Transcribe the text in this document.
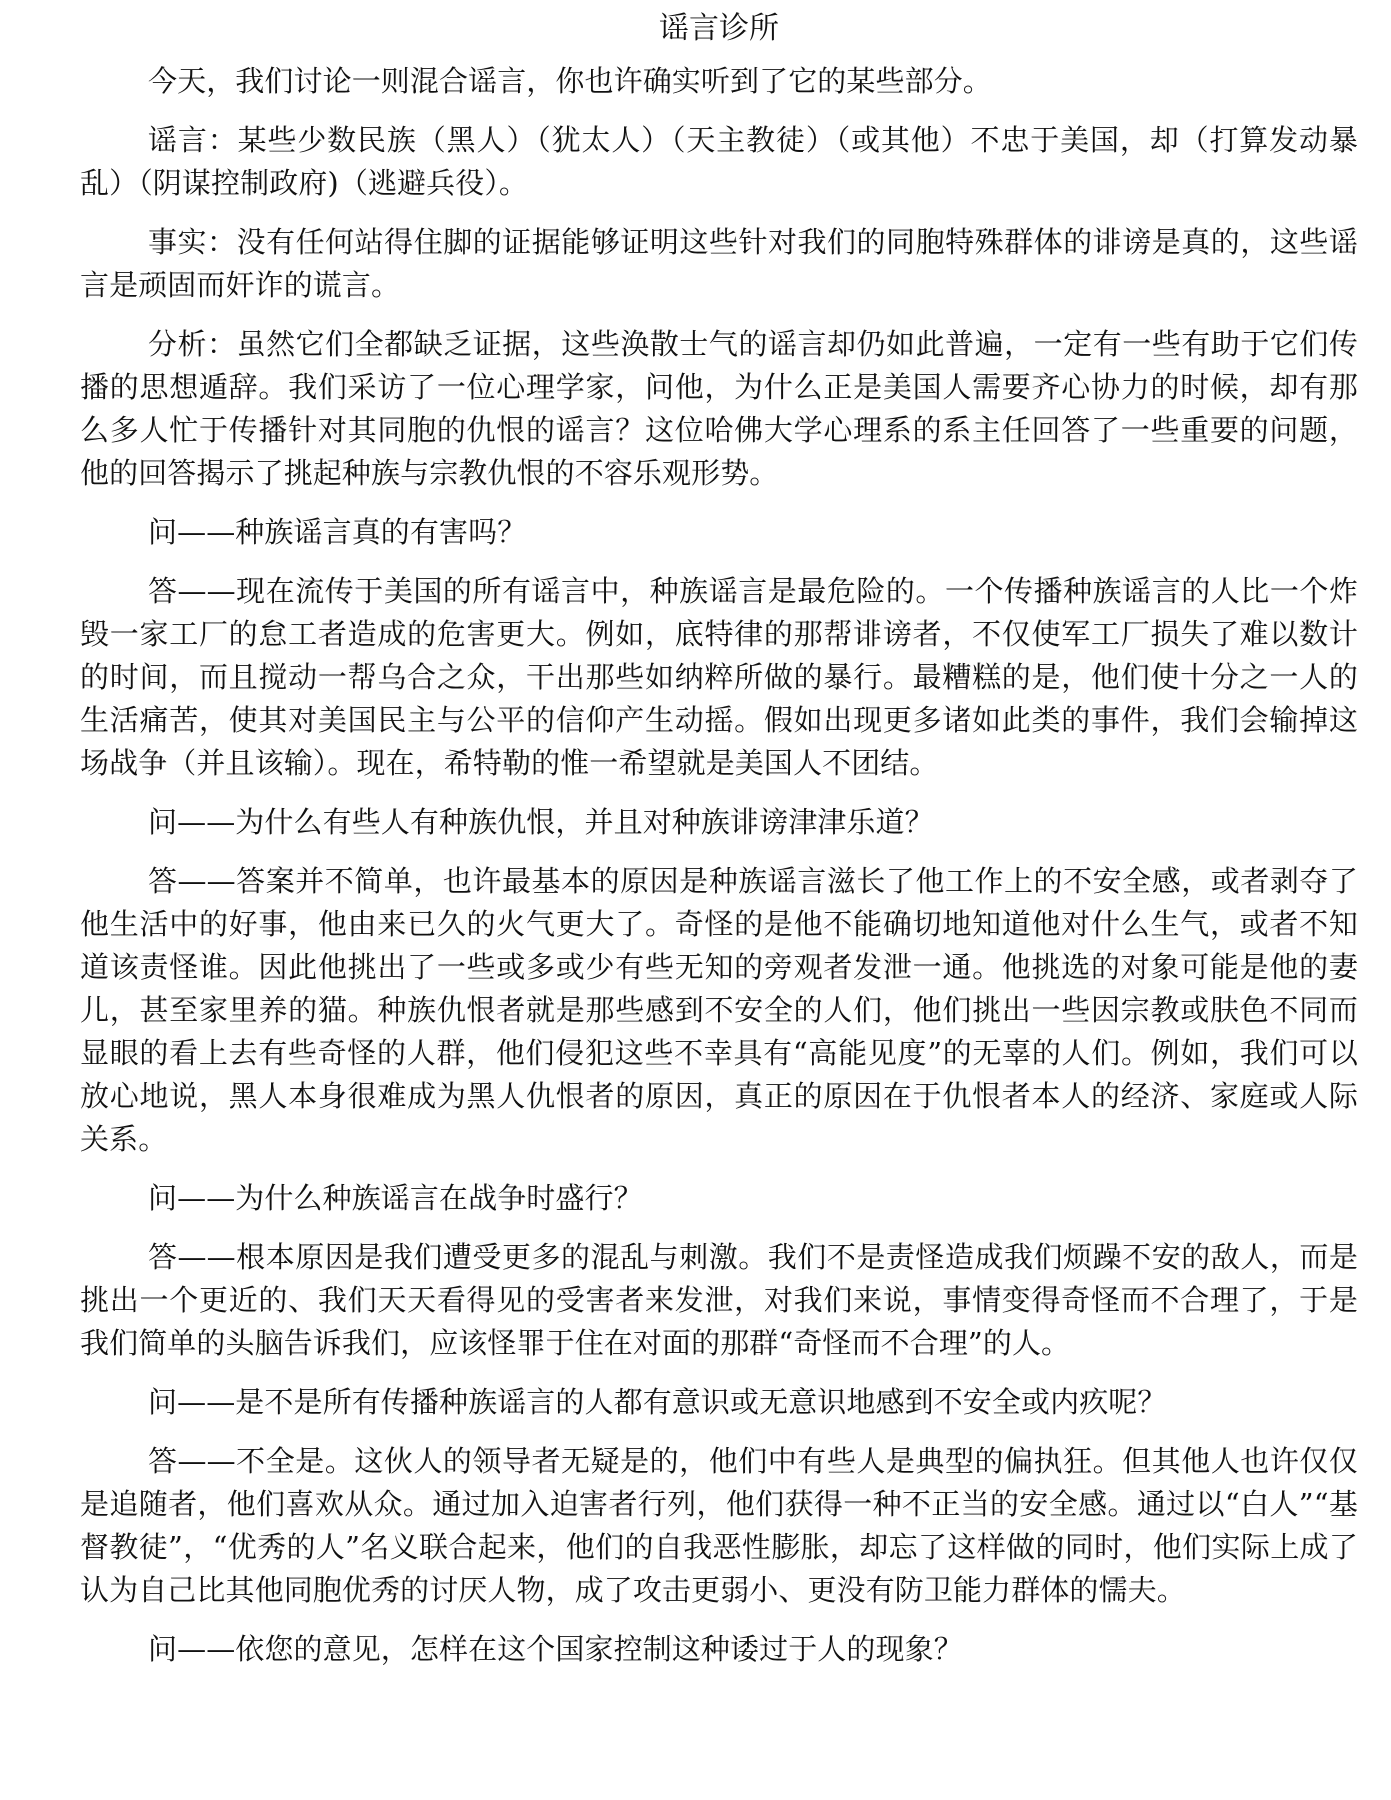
谣言诊所

今天，我们讨论一则混合谣言，你也许确实听到了它的某些部分。

谣言：某些少数民族（黑人）（犹太人）（天主教徒）（或其他）不忠于美国，却（打算发动暴乱）（阴谋控制政府)（逃避兵役）。

事实：没有任何站得住脚的证据能够证明这些针对我们的同胞特殊群体的诽谤是真的，这些谣言是顽固而奸诈的谎言。

分析：虽然它们全都缺乏证据，这些涣散士气的谣言却仍如此普遍，一定有一些有助于它们传播的思想遁辞。我们采访了一位心理学家，问他，为什么正是美国人需要齐心协力的时候，却有那么多人忙于传播针对其同胞的仇恨的谣言？这位哈佛大学心理系的系主任回答了一些重要的问题，他的回答揭示了挑起种族与宗教仇恨的不容乐观形势。

问——种族谣言真的有害吗？

答——现在流传于美国的所有谣言中，种族谣言是最危险的。一个传播种族谣言的人比一个炸毁一家工厂的怠工者造成的危害更大。例如，底特律的那帮诽谤者，不仅使军工厂损失了难以数计的时间，而且搅动一帮乌合之众，干出那些如纳粹所做的暴行。最糟糕的是，他们使十分之一人的生活痛苦，使其对美国民主与公平的信仰产生动摇。假如出现更多诸如此类的事件，我们会输掉这场战争（并且该输）。现在，希特勒的惟一希望就是美国人不团结。

问——为什么有些人有种族仇恨，并且对种族诽谤津津乐道？

答——答案并不简单，也许最基本的原因是种族谣言滋长了他工作上的不安全感，或者剥夺了他生活中的好事，他由来已久的火气更大了。奇怪的是他不能确切地知道他对什么生气，或者不知道该责怪谁。因此他挑出了一些或多或少有些无知的旁观者发泄一通。他挑选的对象可能是他的妻儿，甚至家里养的猫。种族仇恨者就是那些感到不安全的人们，他们挑出一些因宗教或肤色不同而显眼的看上去有些奇怪的人群，他们侵犯这些不幸具有“高能见度”的无辜的人们。例如，我们可以放心地说，黑人本身很难成为黑人仇恨者的原因，真正的原因在于仇恨者本人的经济、家庭或人际关系。

问——为什么种族谣言在战争时盛行？

答——根本原因是我们遭受更多的混乱与刺激。我们不是责怪造成我们烦躁不安的敌人，而是挑出一个更近的、我们天天看得见的受害者来发泄，对我们来说，事情变得奇怪而不合理了，于是我们简单的头脑告诉我们，应该怪罪于住在对面的那群“奇怪而不合理”的人。

问——是不是所有传播种族谣言的人都有意识或无意识地感到不安全或内疚呢？

答——不全是。这伙人的领导者无疑是的，他们中有些人是典型的偏执狂。但其他人也许仅仅是追随者，他们喜欢从众。通过加入迫害者行列，他们获得一种不正当的安全感。通过以“白人”“基督教徒”，“优秀的人”名义联合起来，他们的自我恶性膨胀，却忘了这样做的同时，他们实际上成了认为自己比其他同胞优秀的讨厌人物，成了攻击更弱小、更没有防卫能力群体的懦夫。

问——依您的意见，怎样在这个国家控制这种诿过于人的现象？
